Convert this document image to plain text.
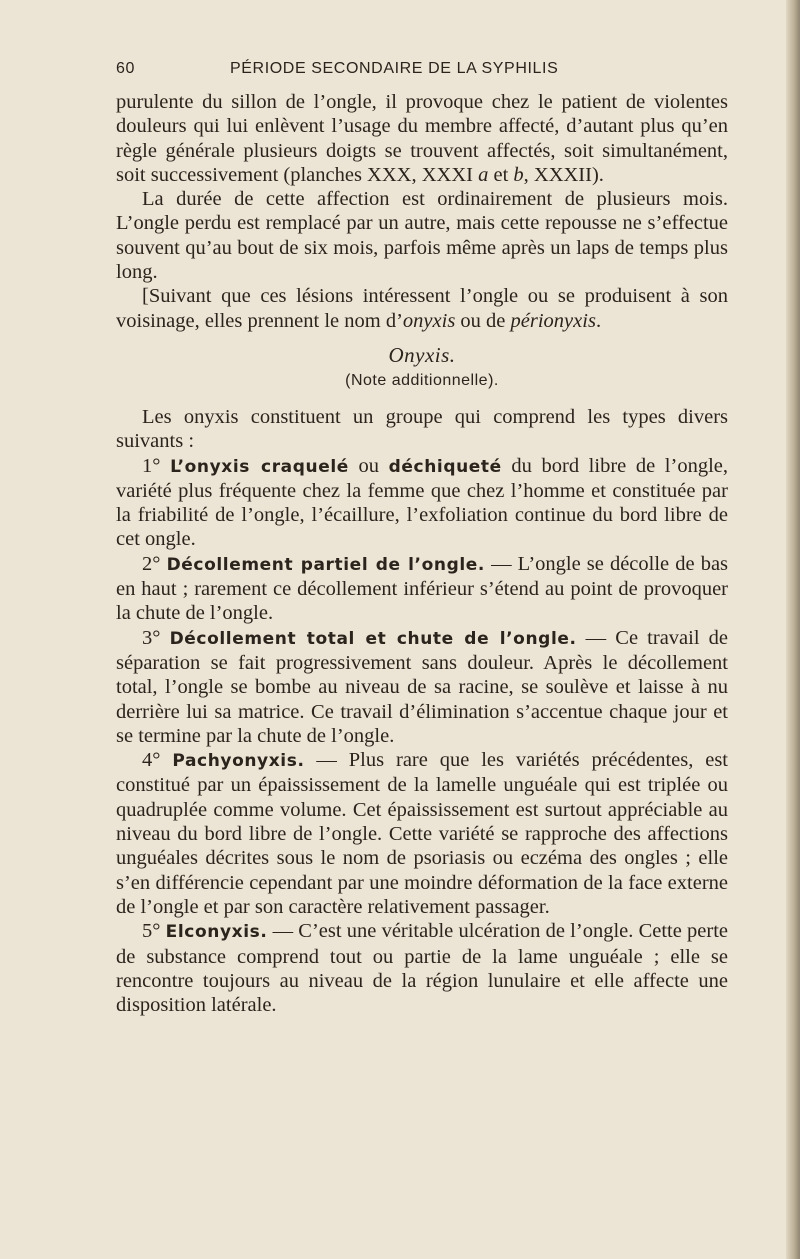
60	PÉRIODE SECONDAIRE DE LA SYPHILIS

purulente du sillon de l’ongle, il provoque chez le patient de violentes douleurs qui lui enlèvent l’usage du membre affecté, d’autant plus qu’en règle générale plusieurs doigts se trouvent affectés, soit simultanément, soit successivement (planches XXX, XXXI a et b, XXXII).

La durée de cette affection est ordinairement de plusieurs mois. L’ongle perdu est remplacé par un autre, mais cette repousse ne s’effectue souvent qu’au bout de six mois, parfois même après un laps de temps plus long.

[Suivant que ces lésions intéressent l’ongle ou se produisent à son voisinage, elles prennent le nom d’onyxis ou de périonyxis.

Onyxis.
(Note additionnelle).

Les onyxis constituent un groupe qui comprend les types divers suivants :

1° L’onyxis craquelé ou déchiqueté du bord libre de l’ongle, variété plus fréquente chez la femme que chez l’homme et constituée par la friabilité de l’ongle, l’écaillure, l’exfoliation continue du bord libre de cet ongle.

2° Décollement partiel de l’ongle. — L’ongle se décolle de bas en haut ; rarement ce décollement inférieur s’étend au point de provoquer la chute de l’ongle.

3° Décollement total et chute de l’ongle. — Ce travail de séparation se fait progressivement sans douleur. Après le décollement total, l’ongle se bombe au niveau de sa racine, se soulève et laisse à nu derrière lui sa matrice. Ce travail d’élimination s’accentue chaque jour et se termine par la chute de l’ongle.

4° Pachyonyxis. — Plus rare que les variétés précédentes, est constitué par un épaississement de la lamelle unguéale qui est triplée ou quadruplée comme volume. Cet épaississement est surtout appréciable au niveau du bord libre de l’ongle. Cette variété se rapproche des affections unguéales décrites sous le nom de psoriasis ou eczéma des ongles ; elle s’en différencie cependant par une moindre déformation de la face externe de l’ongle et par son caractère relativement passager.

5° Elconyxis. — C’est une véritable ulcération de l’ongle. Cette perte de substance comprend tout ou partie de la lame unguéale ; elle se rencontre toujours au niveau de la région lunulaire et elle affecte une disposition latérale.
